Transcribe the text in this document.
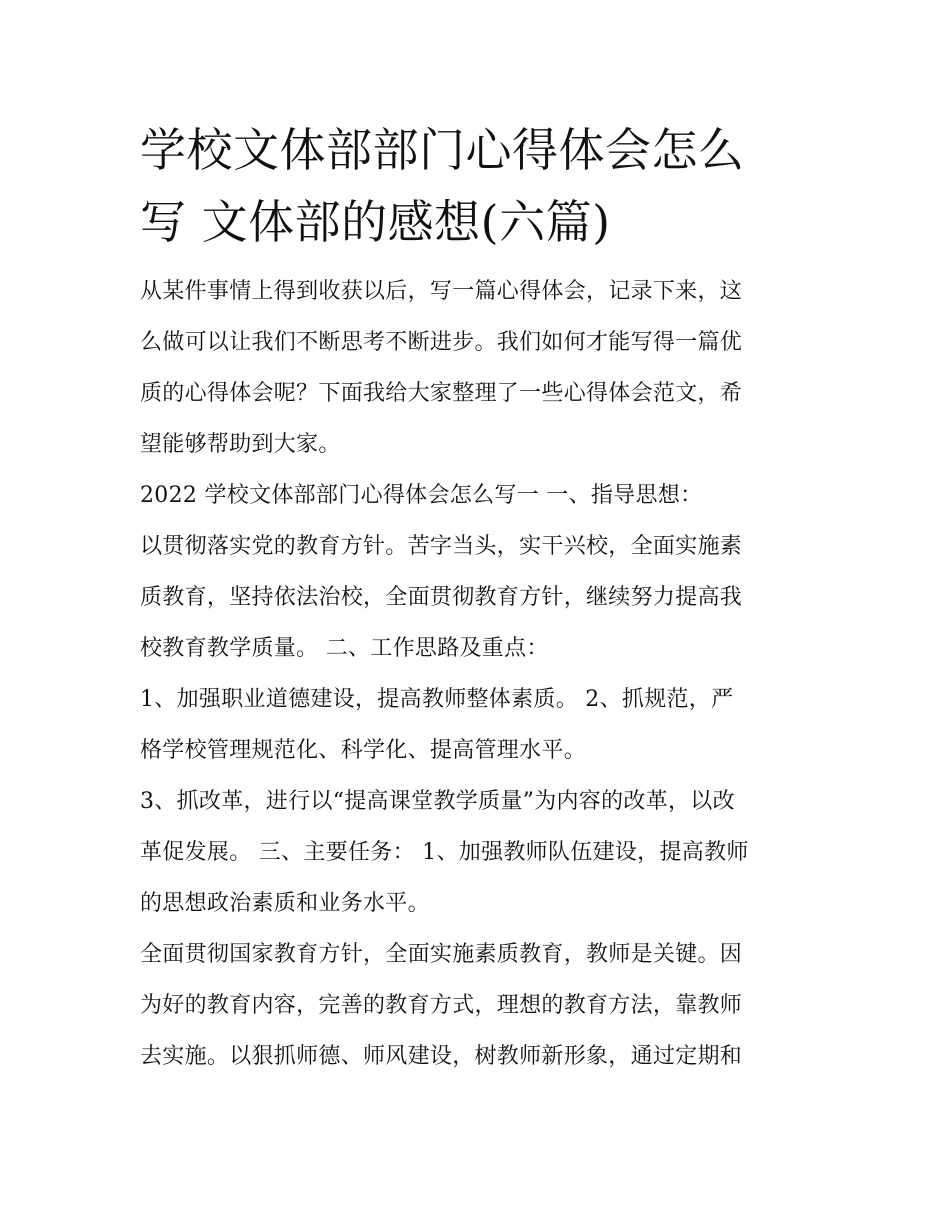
学校文体部部门心得体会怎么
写 文体部的感想(六篇)
从某件事情上得到收获以后，写一篇心得体会，记录下来，这
么做可以让我们不断思考不断进步。我们如何才能写得一篇优
质的心得体会呢？下面我给大家整理了一些心得体会范文，希
望能够帮助到大家。
2022 学校文体部部门心得体会怎么写一 一、指导思想：
以贯彻落实党的教育方针。苦字当头，实干兴校，全面实施素
质教育，坚持依法治校，全面贯彻教育方针，继续努力提高我
校教育教学质量。 二、工作思路及重点：
1、加强职业道德建设，提高教师整体素质。 2、抓规范，严
格学校管理规范化、科学化、提高管理水平。
3、抓改革，进行以“提高课堂教学质量”为内容的改革，以改
革促发展。 三、主要任务： 1、加强教师队伍建设，提高教师
的思想政治素质和业务水平。
全面贯彻国家教育方针，全面实施素质教育，教师是关键。因
为好的教育内容，完善的教育方式，理想的教育方法，靠教师
去实施。以狠抓师德、师风建设，树教师新形象，通过定期和
